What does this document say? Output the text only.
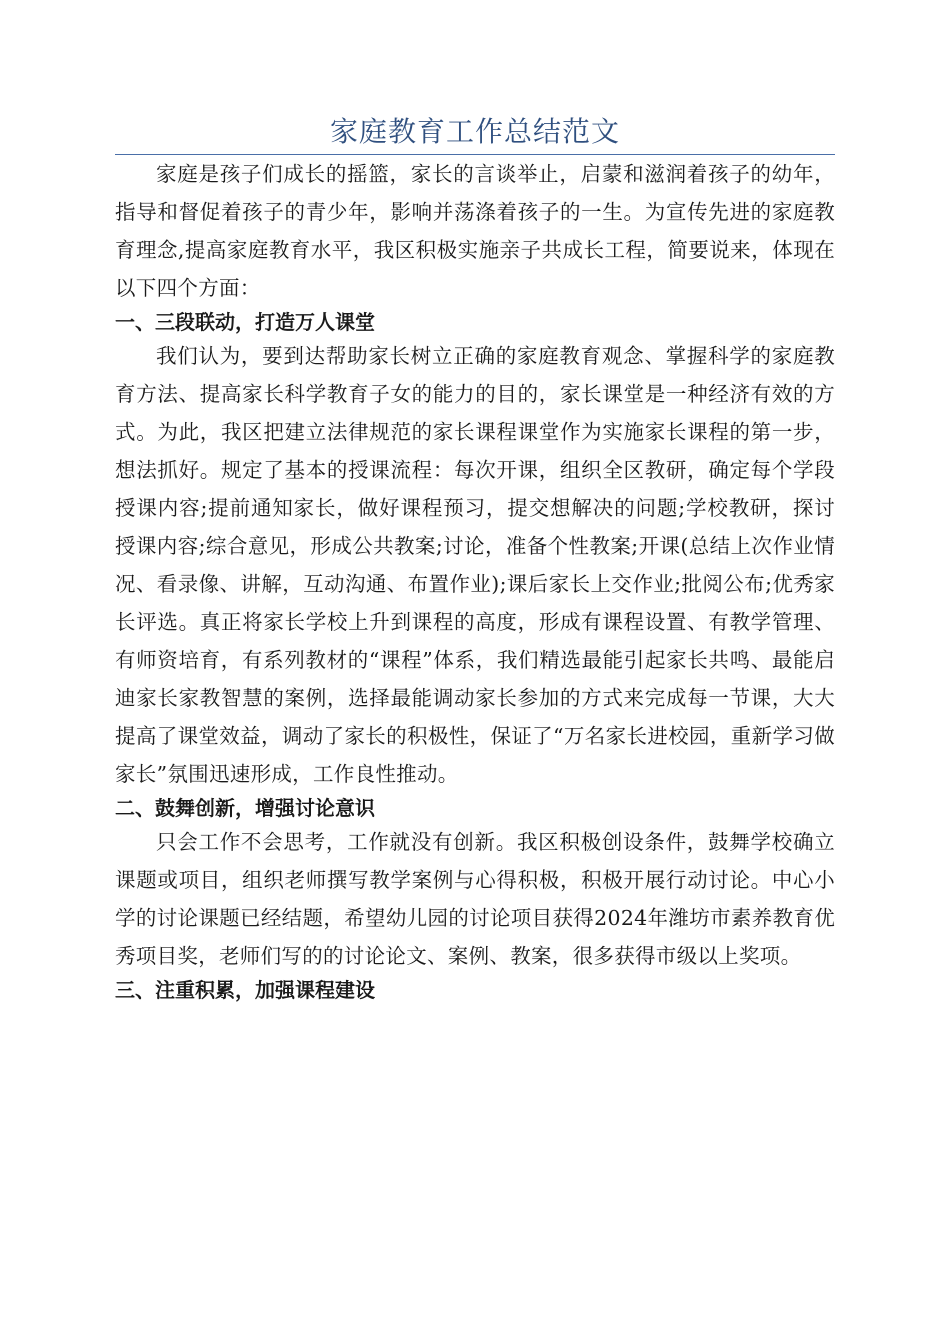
家庭教育工作总结范文

家庭是孩子们成长的摇篮，家长的言谈举止，启蒙和滋润着孩子的幼年，指导和督促着孩子的青少年，影响并荡涤着孩子的一生。为宣传先进的家庭教育理念,提高家庭教育水平，我区积极实施亲子共成长工程，简要说来，体现在以下四个方面：

一、三段联动，打造万人课堂

我们认为，要到达帮助家长树立正确的家庭教育观念、掌握科学的家庭教育方法、提高家长科学教育子女的能力的目的，家长课堂是一种经济有效的方式。为此，我区把建立法律规范的家长课程课堂作为实施家长课程的第一步，想法抓好。规定了基本的授课流程：每次开课，组织全区教研，确定每个学段授课内容;提前通知家长，做好课程预习，提交想解决的问题;学校教研，探讨授课内容;综合意见，形成公共教案;讨论，准备个性教案;开课(总结上次作业情况、看录像、讲解，互动沟通、布置作业);课后家长上交作业;批阅公布;优秀家长评选。真正将家长学校上升到课程的高度，形成有课程设置、有教学管理、有师资培育，有系列教材的“课程”体系，我们精选最能引起家长共鸣、最能启迪家长家教智慧的案例，选择最能调动家长参加的方式来完成每一节课，大大提高了课堂效益，调动了家长的积极性，保证了“万名家长进校园，重新学习做家长”氛围迅速形成，工作良性推动。

二、鼓舞创新，增强讨论意识

只会工作不会思考，工作就没有创新。我区积极创设条件，鼓舞学校确立课题或项目，组织老师撰写教学案例与心得积极，积极开展行动讨论。中心小学的讨论课题已经结题，希望幼儿园的讨论项目获得2024年潍坊市素养教育优秀项目奖，老师们写的的讨论论文、案例、教案，很多获得市级以上奖项。

三、注重积累，加强课程建设
